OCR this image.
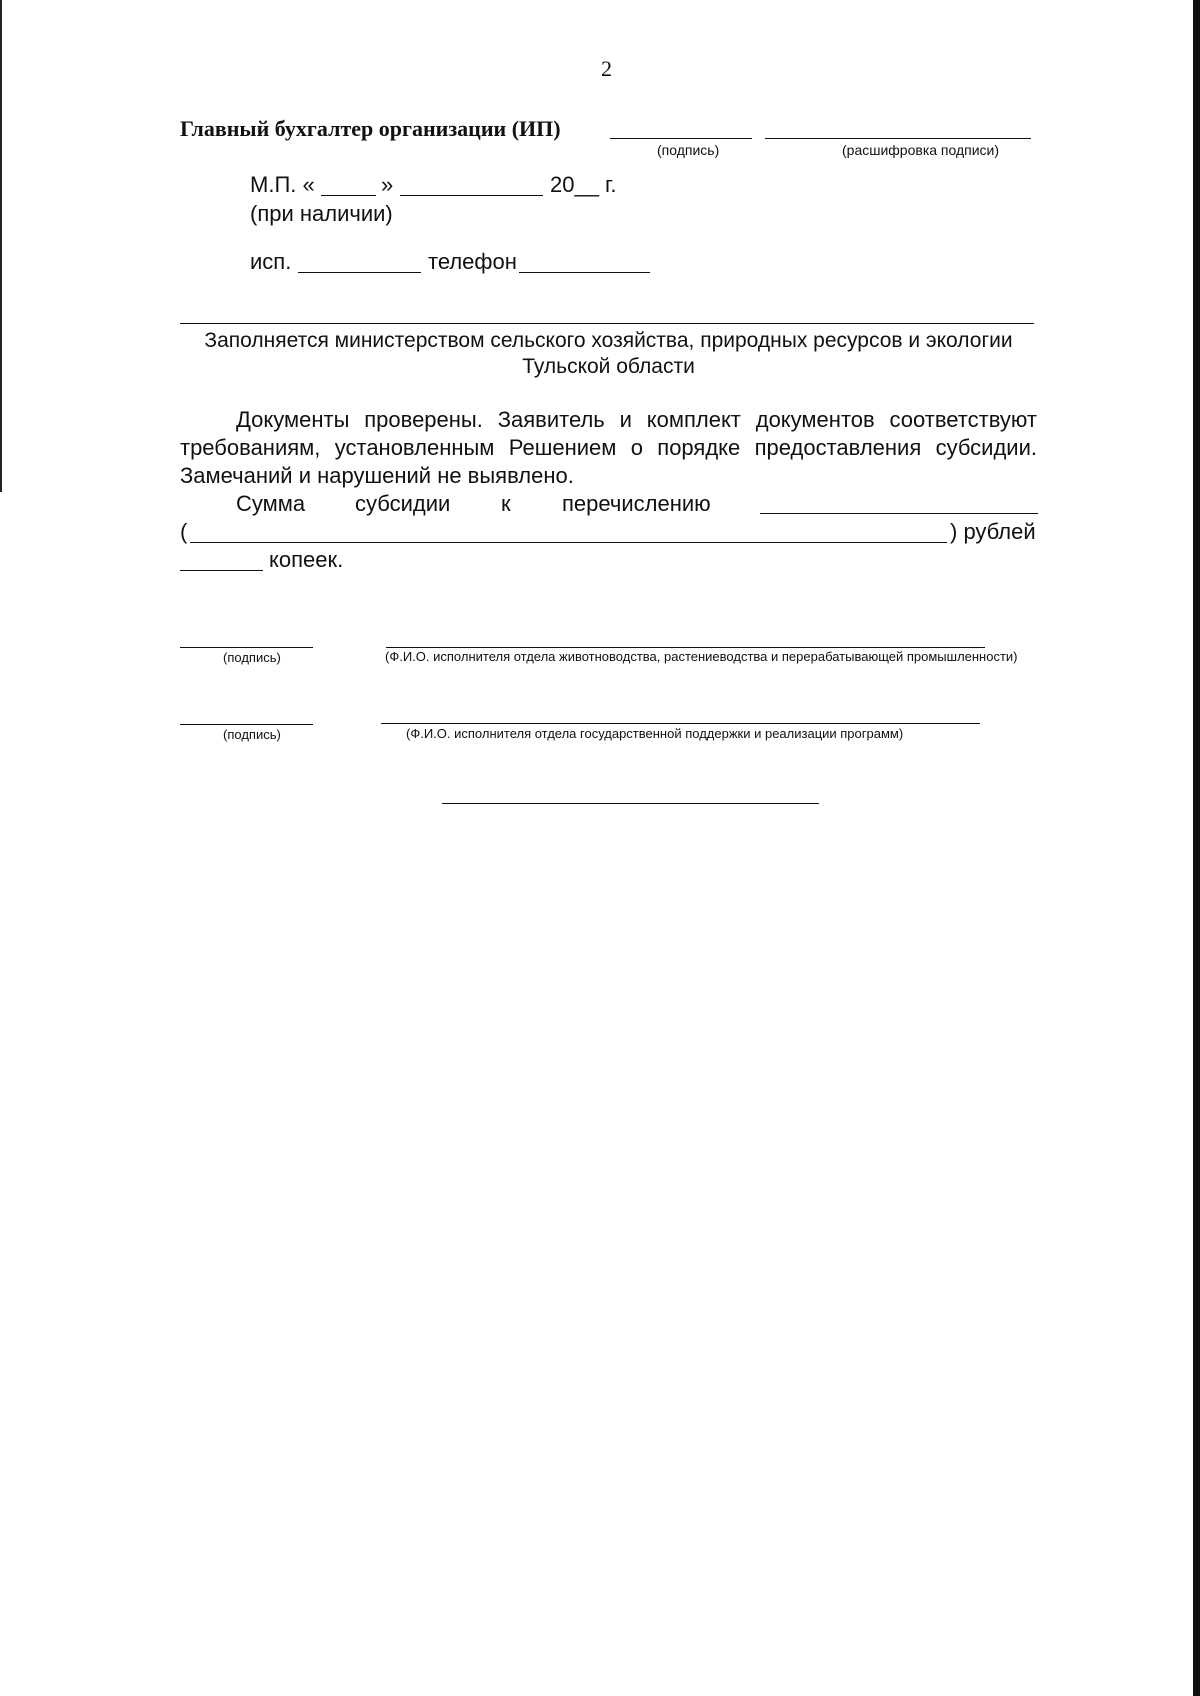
2
Главный бухгалтер организации (ИП)
(подпись)	(расшифровка подписи)
М.П. «	»	20__ г.
(при наличии)
исп.	телефон
Заполняется министерством сельского хозяйства, природных ресурсов и экологии
Тульской области
Документы проверены. Заявитель и комплект документов соответствуют требованиям, установленным Решением о порядке предоставления субсидии. Замечаний и нарушений не выявлено.
Сумма субсидии к перечислению
(	) рублей
копеек.
(подпись)	(Ф.И.О. исполнителя отдела животноводства, растениеводства и перерабатывающей промышленности)
(подпись)	(Ф.И.О. исполнителя отдела государственной поддержки и реализации программ)
